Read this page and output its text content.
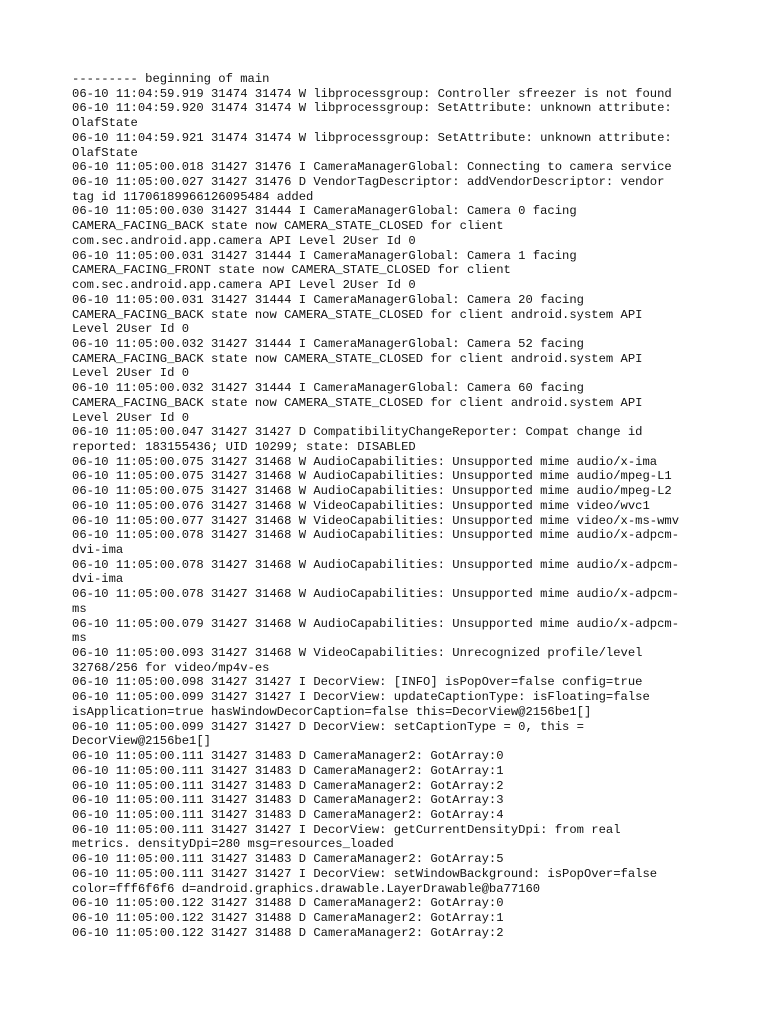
--------- beginning of main

06-10 11:04:59.919 31474 31474 W libprocessgroup: Controller sfreezer is not found

06-10 11:04:59.920 31474 31474 W libprocessgroup: SetAttribute: unknown attribute:

OlafState

06-10 11:04:59.921 31474 31474 W libprocessgroup: SetAttribute: unknown attribute:

OlafState

06-10 11:05:00.018 31427 31476 I CameraManagerGlobal: Connecting to camera service

06-10 11:05:00.027 31427 31476 D VendorTagDescriptor: addVendorDescriptor: vendor

tag id 11706189966126095484 added

06-10 11:05:00.030 31427 31444 I CameraManagerGlobal: Camera 0 facing

CAMERA_FACING_BACK state now CAMERA_STATE_CLOSED for client

com.sec.android.app.camera API Level 2User Id 0

06-10 11:05:00.031 31427 31444 I CameraManagerGlobal: Camera 1 facing

CAMERA_FACING_FRONT state now CAMERA_STATE_CLOSED for client

com.sec.android.app.camera API Level 2User Id 0

06-10 11:05:00.031 31427 31444 I CameraManagerGlobal: Camera 20 facing

CAMERA_FACING_BACK state now CAMERA_STATE_CLOSED for client android.system API

Level 2User Id 0

06-10 11:05:00.032 31427 31444 I CameraManagerGlobal: Camera 52 facing

CAMERA_FACING_BACK state now CAMERA_STATE_CLOSED for client android.system API

Level 2User Id 0

06-10 11:05:00.032 31427 31444 I CameraManagerGlobal: Camera 60 facing

CAMERA_FACING_BACK state now CAMERA_STATE_CLOSED for client android.system API

Level 2User Id 0

06-10 11:05:00.047 31427 31427 D CompatibilityChangeReporter: Compat change id

reported: 183155436; UID 10299; state: DISABLED

06-10 11:05:00.075 31427 31468 W AudioCapabilities: Unsupported mime audio/x-ima

06-10 11:05:00.075 31427 31468 W AudioCapabilities: Unsupported mime audio/mpeg-L1

06-10 11:05:00.075 31427 31468 W AudioCapabilities: Unsupported mime audio/mpeg-L2

06-10 11:05:00.076 31427 31468 W VideoCapabilities: Unsupported mime video/wvc1

06-10 11:05:00.077 31427 31468 W VideoCapabilities: Unsupported mime video/x-ms-wmv

06-10 11:05:00.078 31427 31468 W AudioCapabilities: Unsupported mime audio/x-adpcm-

dvi-ima

06-10 11:05:00.078 31427 31468 W AudioCapabilities: Unsupported mime audio/x-adpcm-

dvi-ima

06-10 11:05:00.078 31427 31468 W AudioCapabilities: Unsupported mime audio/x-adpcm-

ms

06-10 11:05:00.079 31427 31468 W AudioCapabilities: Unsupported mime audio/x-adpcm-

ms

06-10 11:05:00.093 31427 31468 W VideoCapabilities: Unrecognized profile/level

32768/256 for video/mp4v-es

06-10 11:05:00.098 31427 31427 I DecorView: [INFO] isPopOver=false config=true

06-10 11:05:00.099 31427 31427 I DecorView: updateCaptionType: isFloating=false

isApplication=true hasWindowDecorCaption=false this=DecorView@2156be1[]

06-10 11:05:00.099 31427 31427 D DecorView: setCaptionType = 0, this =

DecorView@2156be1[]

06-10 11:05:00.111 31427 31483 D CameraManager2: GotArray:0

06-10 11:05:00.111 31427 31483 D CameraManager2: GotArray:1

06-10 11:05:00.111 31427 31483 D CameraManager2: GotArray:2

06-10 11:05:00.111 31427 31483 D CameraManager2: GotArray:3

06-10 11:05:00.111 31427 31483 D CameraManager2: GotArray:4

06-10 11:05:00.111 31427 31427 I DecorView: getCurrentDensityDpi: from real

metrics. densityDpi=280 msg=resources_loaded

06-10 11:05:00.111 31427 31483 D CameraManager2: GotArray:5

06-10 11:05:00.111 31427 31427 I DecorView: setWindowBackground: isPopOver=false

color=fff6f6f6 d=android.graphics.drawable.LayerDrawable@ba77160

06-10 11:05:00.122 31427 31488 D CameraManager2: GotArray:0

06-10 11:05:00.122 31427 31488 D CameraManager2: GotArray:1

06-10 11:05:00.122 31427 31488 D CameraManager2: GotArray:2
